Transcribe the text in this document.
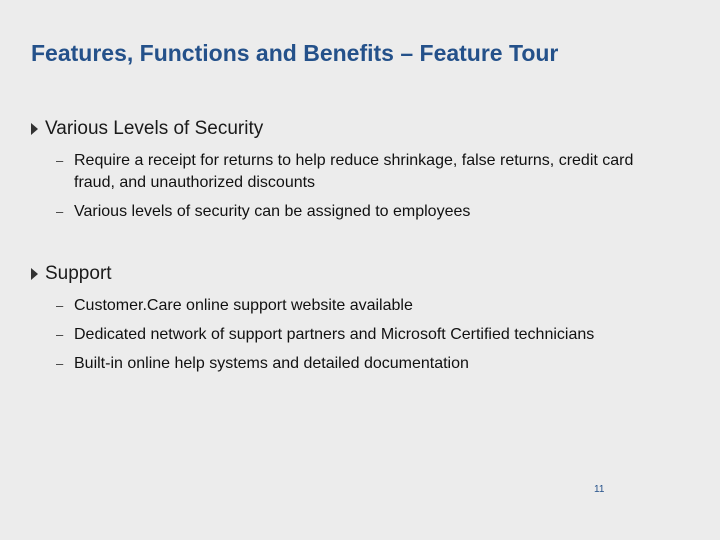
Features, Functions and Benefits – Feature Tour
Various Levels of Security
– Require a receipt for returns to help reduce shrinkage, false returns, credit card fraud, and unauthorized discounts
– Various levels of security can be assigned to employees
Support
– Customer.Care online support website available
– Dedicated network of support partners and Microsoft Certified technicians
– Built-in online help systems and detailed documentation
11
